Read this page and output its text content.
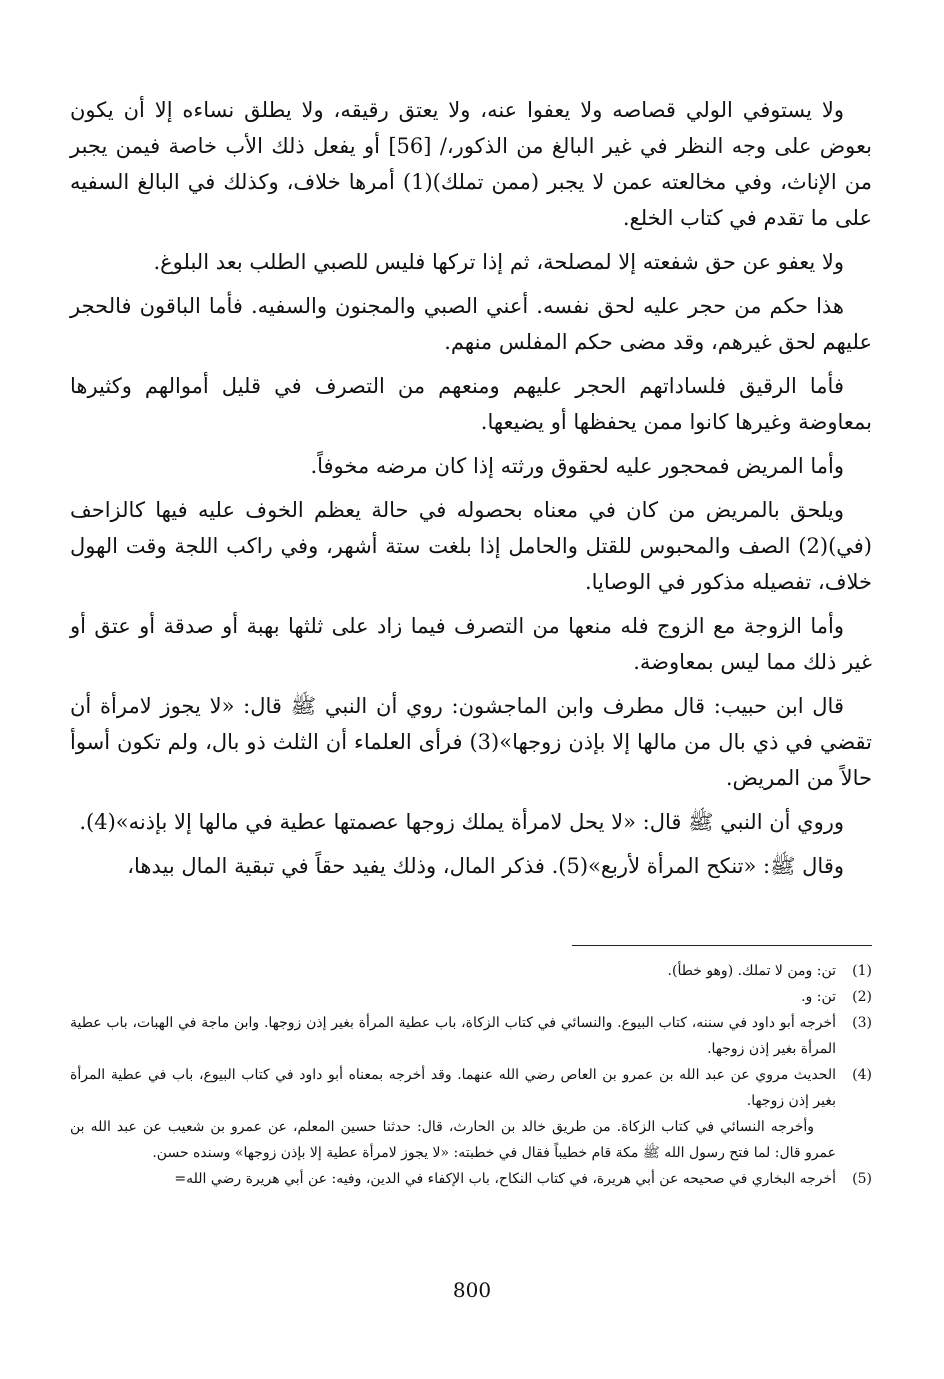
ولا يستوفي الولي قصاصه ولا يعفوا عنه، ولا يعتق رقيقه، ولا يطلق نساءه إلا أن يكون بعوض على وجه النظر في غير البالغ من الذكور،/ [56] أو يفعل ذلك الأب خاصة فيمن يجبر من الإناث، وفي مخالعته عمن لا يجبر (ممن تملك)(1) أمرها خلاف، وكذلك في البالغ السفيه على ما تقدم في كتاب الخلع.

ولا يعفو عن حق شفعته إلا لمصلحة، ثم إذا تركها فليس للصبي الطلب بعد البلوغ.

هذا حكم من حجر عليه لحق نفسه. أعني الصبي والمجنون والسفيه. فأما الباقون فالحجر عليهم لحق غيرهم، وقد مضى حكم المفلس منهم.

فأما الرقيق فلساداتهم الحجر عليهم ومنعهم من التصرف في قليل أموالهم وكثيرها بمعاوضة وغيرها كانوا ممن يحفظها أو يضيعها.

وأما المريض فمحجور عليه لحقوق ورثته إذا كان مرضه مخوفاً.

ويلحق بالمريض من كان في معناه بحصوله في حالة يعظم الخوف عليه فيها كالزاحف (في)(2) الصف والمحبوس للقتل والحامل إذا بلغت ستة أشهر، وفي راكب اللجة وقت الهول خلاف، تفصيله مذكور في الوصايا.

وأما الزوجة مع الزوج فله منعها من التصرف فيما زاد على ثلثها بهبة أو صدقة أو عتق أو غير ذلك مما ليس بمعاوضة.

قال ابن حبيب: قال مطرف وابن الماجشون: روي أن النبي ﷺ قال: «لا يجوز لامرأة أن تقضي في ذي بال من مالها إلا بإذن زوجها»(3) فرأى العلماء أن الثلث ذو بال، ولم تكون أسوأ حالاً من المريض.

وروي أن النبي ﷺ قال: «لا يحل لامرأة يملك زوجها عصمتها عطية في مالها إلا بإذنه»(4).

وقال ﷺ: «تنكح المرأة لأربع»(5). فذكر المال، وذلك يفيد حقاً في تبقية المال بيدها،

(1)

تن: ومن لا تملك. (وهو خطأ).

(2)

تن: و.

(3)

أخرجه أبو داود في سننه، كتاب البيوع. والنسائي في كتاب الزكاة، باب عطية المرأة بغير إذن زوجها. وابن ماجة في الهبات، باب عطية المرأة بغير إذن زوجها.

(4)

الحديث مروي عن عبد الله بن عمرو بن العاص رضي الله عنهما. وقد أخرجه بمعناه أبو داود في كتاب البيوع، باب في عطية المرأة بغير إذن زوجها.

وأخرجه النسائي في كتاب الزكاة. من طريق خالد بن الحارث، قال: حدثنا حسين المعلم، عن عمرو بن شعيب عن عبد الله بن عمرو قال: لما فتح رسول الله ﷺ مكة قام خطيباً فقال في خطبته: «لا يجوز لامرأة عطية إلا بإذن زوجها» وسنده حسن.

(5)

أخرجه البخاري في صحيحه عن أبي هريرة، في كتاب النكاح، باب الإكفاء في الدين، وفيه: عن أبي هريرة رضي الله=

800
